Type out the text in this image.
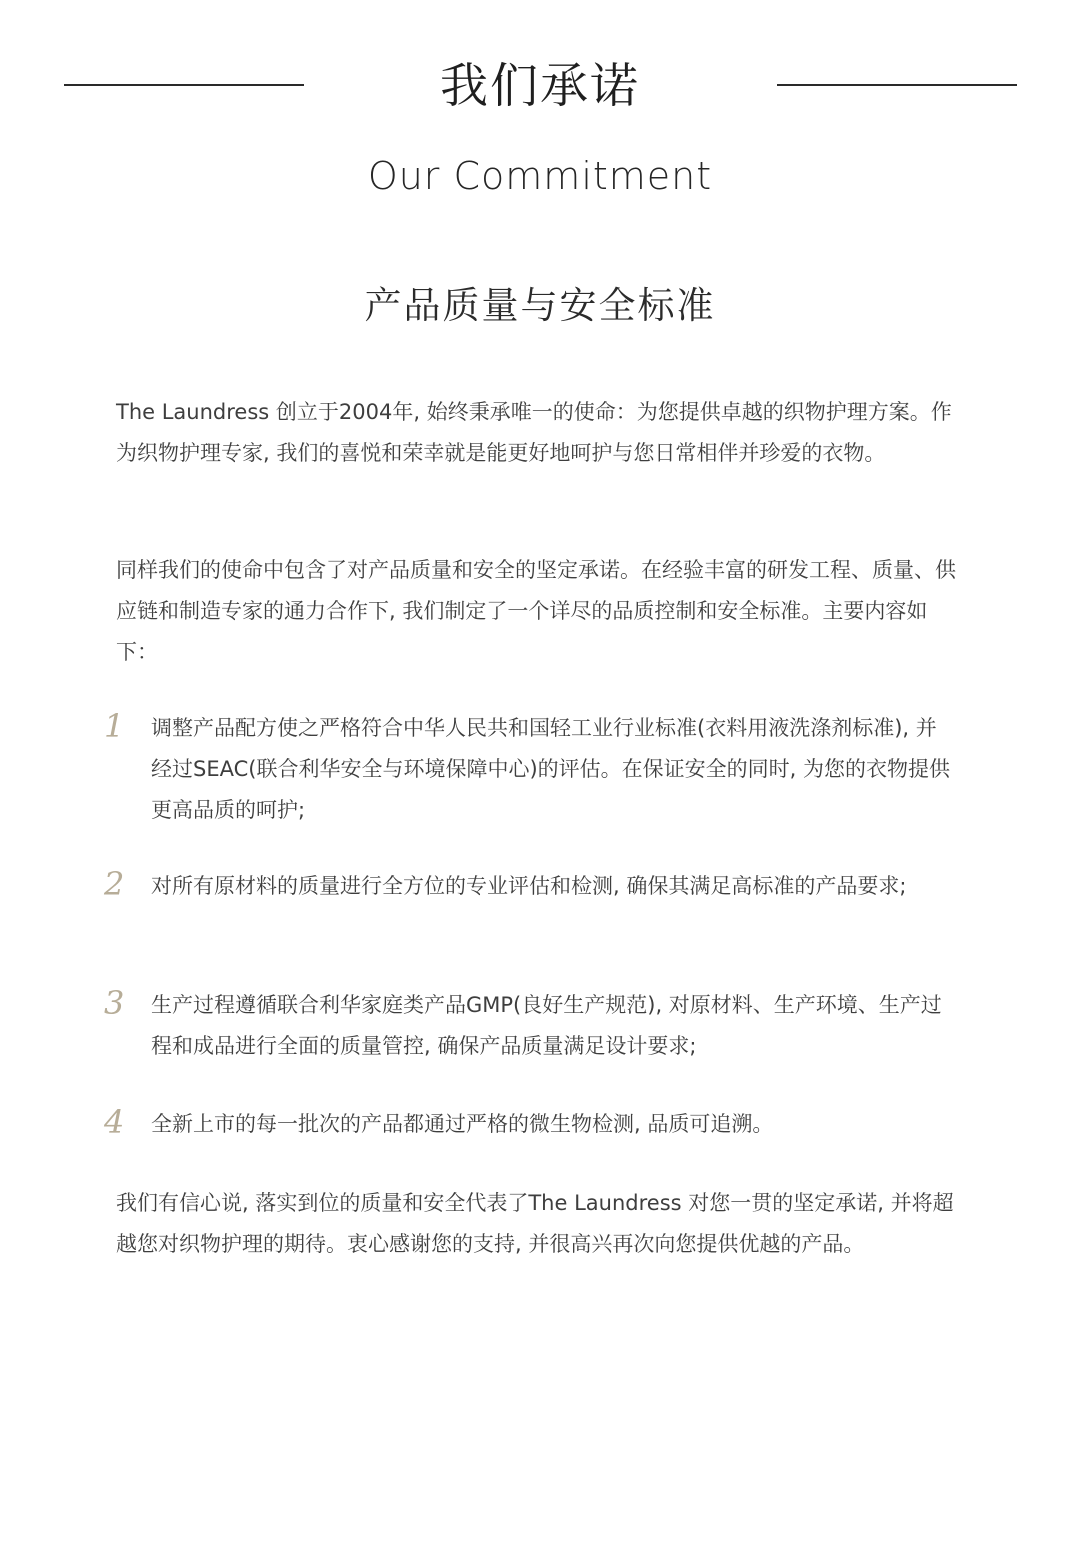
我们承诺
Our Commitment
产品质量与安全标准

The Laundress 创立于2004年, 始终秉承唯一的使命：为您提供卓越的织物护理方案。作为织物护理专家, 我们的喜悦和荣幸就是能更好地呵护与您日常相伴并珍爱的衣物。

同样我们的使命中包含了对产品质量和安全的坚定承诺。在经验丰富的研发工程、质量、供应链和制造专家的通力合作下, 我们制定了一个详尽的品质控制和安全标准。主要内容如下：

1	调整产品配方使之严格符合中华人民共和国轻工业行业标准(衣料用液洗涤剂标准), 并经过SEAC(联合利华安全与环境保障中心)的评估。在保证安全的同时, 为您的衣物提供更高品质的呵护;

2	对所有原材料的质量进行全方位的专业评估和检测, 确保其满足高标准的产品要求;

3	生产过程遵循联合利华家庭类产品GMP(良好生产规范), 对原材料、生产环境、生产过程和成品进行全面的质量管控, 确保产品质量满足设计要求;

4	全新上市的每一批次的产品都通过严格的微生物检测, 品质可追溯。

我们有信心说, 落实到位的质量和安全代表了The Laundress 对您一贯的坚定承诺, 并将超越您对织物护理的期待。衷心感谢您的支持, 并很高兴再次向您提供优越的产品。
